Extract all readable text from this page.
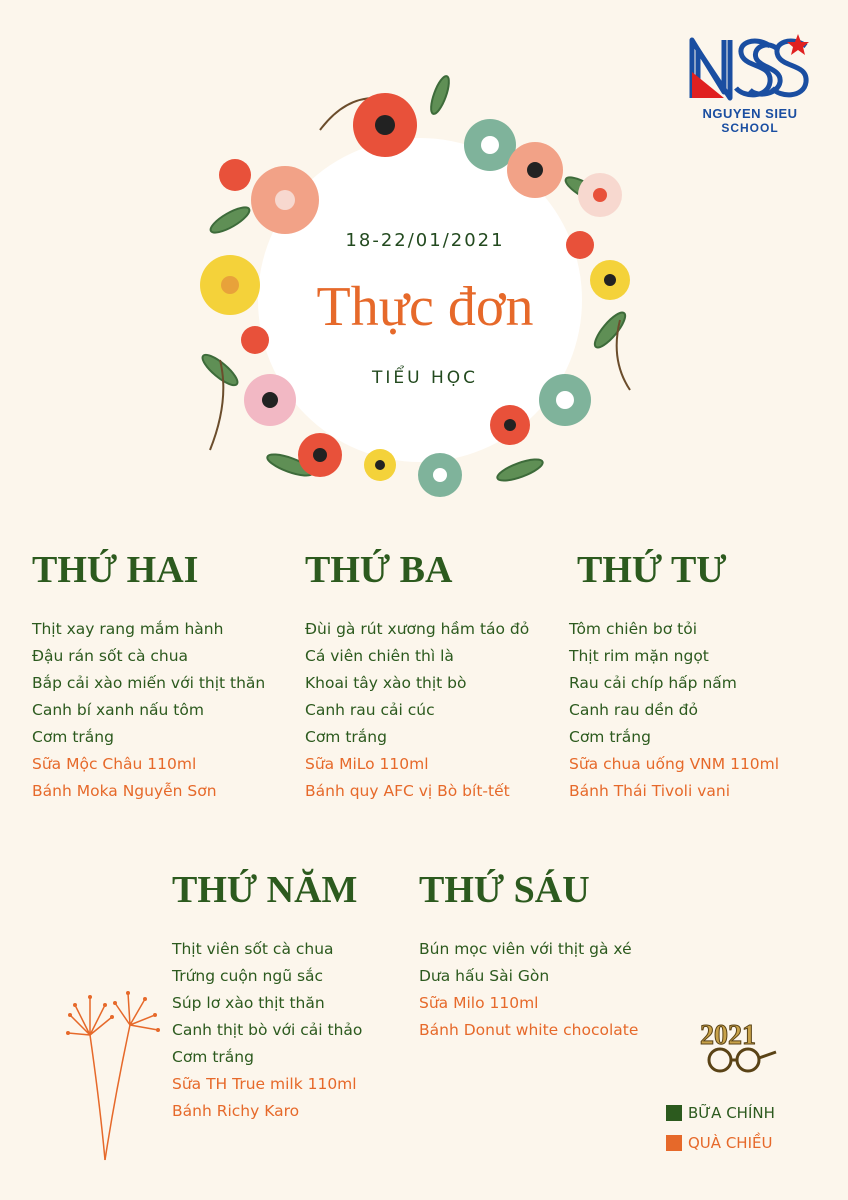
NGUYEN SIEU
SCHOOL
18-22/01/2021
Thực đơn
TIỂU HỌC
THỨ HAI
Thịt xay rang mắm hành
Đậu rán sốt cà chua
Bắp cải xào miến với thịt thăn
Canh bí xanh nấu tôm
Cơm trắng
Sữa Mộc Châu 110ml
Bánh Moka Nguyễn Sơn
THỨ BA
Đùi gà rút xương hầm táo đỏ
Cá viên chiên thì là
Khoai tây xào thịt bò
Canh rau cải cúc
Cơm trắng
Sữa MiLo 110ml
Bánh quy AFC vị Bò bít-tết
THỨ TƯ
Tôm chiên bơ tỏi
Thịt rim mặn ngọt
Rau cải chíp hấp nấm
Canh rau dền đỏ
Cơm trắng
Sữa chua uống VNM 110ml
Bánh Thái Tivoli vani
THỨ NĂM
Thịt viên sốt cà chua
Trứng cuộn ngũ sắc
Súp lơ xào thịt thăn
Canh thịt bò với cải thảo
Cơm trắng
Sữa TH True milk 110ml
Bánh Richy Karo
THỨ SÁU
Bún mọc viên với thịt gà xé
Dưa hấu Sài Gòn
Sữa Milo 110ml
Bánh Donut white chocolate 2021
BỮA CHÍNH
QUÀ CHIỀU
